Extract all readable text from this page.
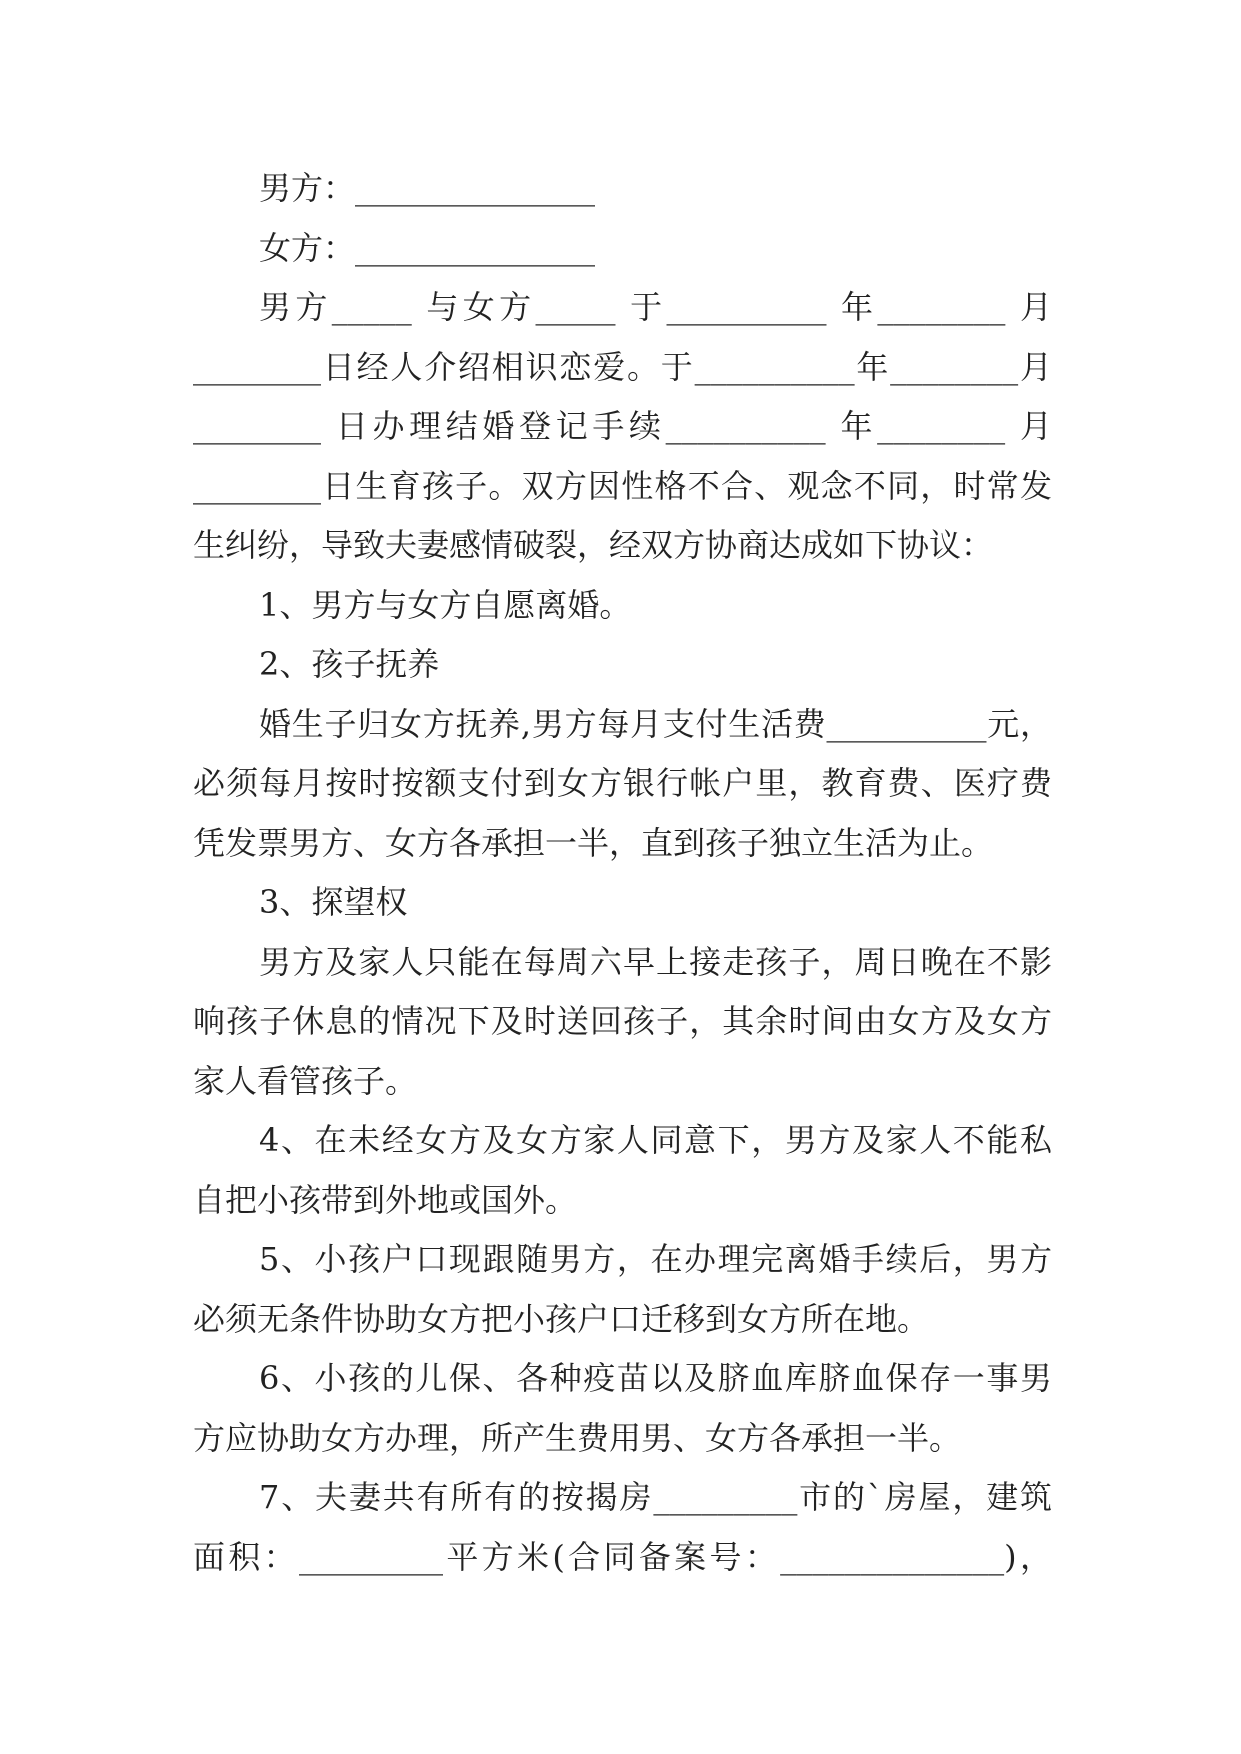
男方：_______________
女方：_______________
男方_____ 与女方_____ 于__________ 年________ 月
________日经人介绍相识恋爱。于__________年________月
________ 日办理结婚登记手续__________ 年________ 月
________日生育孩子。双方因性格不合、观念不同，时常发
生纠纷，导致夫妻感情破裂，经双方协商达成如下协议：
1、男方与女方自愿离婚。
2、孩子抚养
婚生子归女方抚养,男方每月支付生活费__________元，
必须每月按时按额支付到女方银行帐户里，教育费、医疗费
凭发票男方、女方各承担一半，直到孩子独立生活为止。
3、探望权
男方及家人只能在每周六早上接走孩子，周日晚在不影
响孩子休息的情况下及时送回孩子，其余时间由女方及女方
家人看管孩子。
4、在未经女方及女方家人同意下，男方及家人不能私
自把小孩带到外地或国外。
5、小孩户口现跟随男方，在办理完离婚手续后，男方
必须无条件协助女方把小孩户口迁移到女方所在地。
6、小孩的儿保、各种疫苗以及脐血库脐血保存一事男
方应协助女方办理，所产生费用男、女方各承担一半。
7、夫妻共有所有的按揭房_________市的`房屋，建筑
面积：_________平方米(合同备案号：______________)，
